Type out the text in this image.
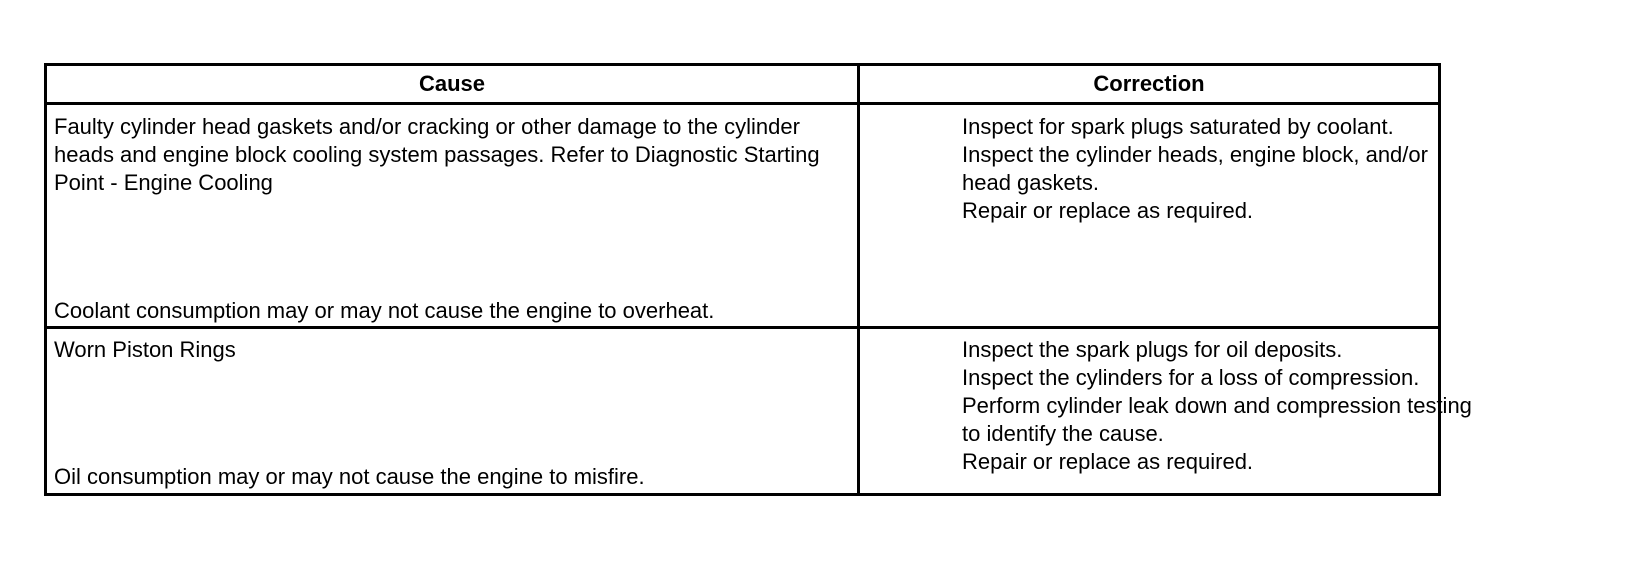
Cause	Correction
Faulty cylinder head gaskets and/or cracking or other damage to the cylinder heads and engine block cooling system passages. Refer to Diagnostic Starting Point - Engine Cooling
Coolant consumption may or may not cause the engine to overheat.
Inspect for spark plugs saturated by coolant.
Inspect the cylinder heads, engine block, and/or head gaskets.
Repair or replace as required.
Worn Piston Rings
Oil consumption may or may not cause the engine to misfire.
Inspect the spark plugs for oil deposits.
Inspect the cylinders for a loss of compression.
Perform cylinder leak down and compression testing to identify the cause.
Repair or replace as required.
